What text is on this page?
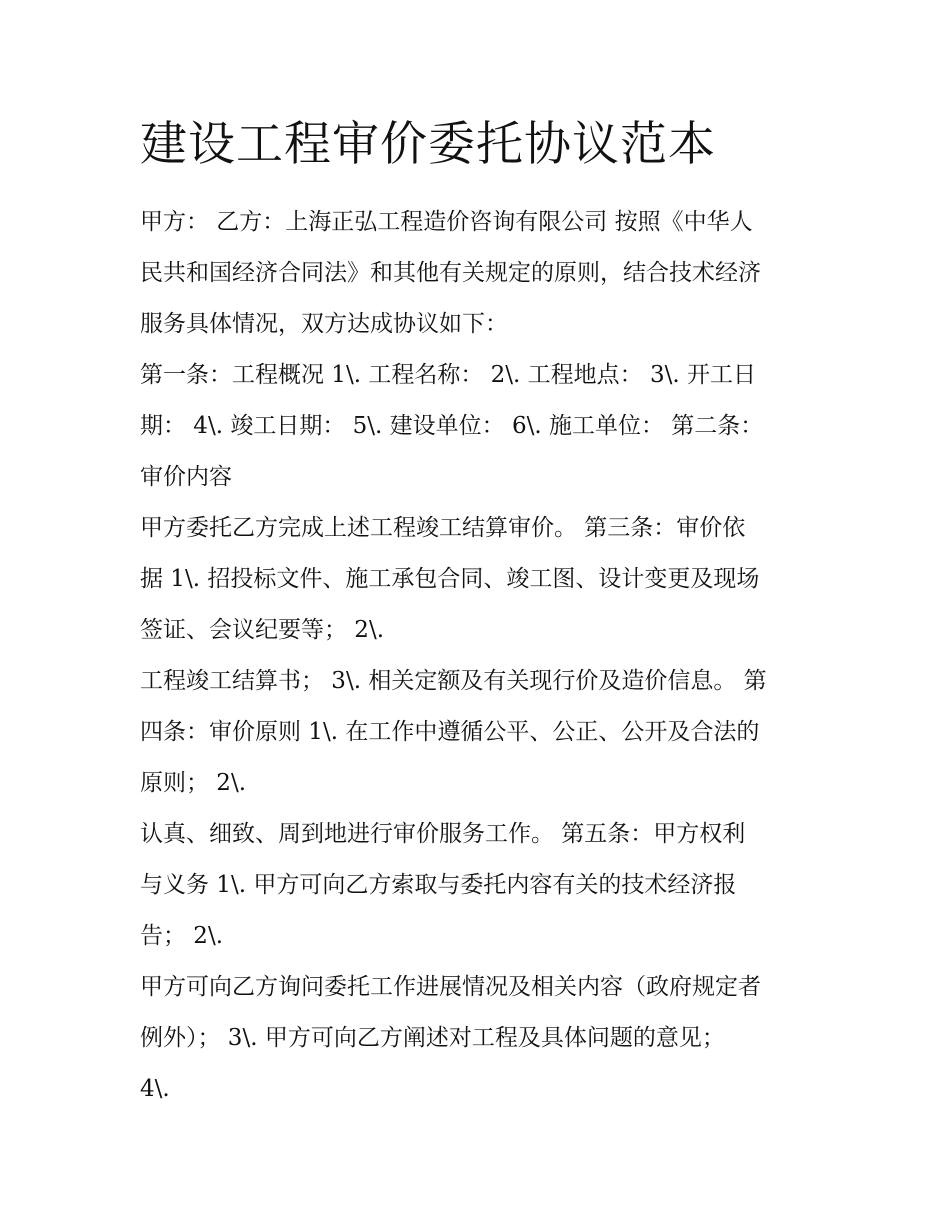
建设工程审价委托协议范本
甲方： 乙方：上海正弘工程造价咨询有限公司 按照《中华人
民共和国经济合同法》和其他有关规定的原则，结合技术经济
服务具体情况，双方达成协议如下：
第一条：工程概况 1\. 工程名称： 2\. 工程地点： 3\. 开工日
期： 4\. 竣工日期： 5\. 建设单位： 6\. 施工单位： 第二条：
审价内容
甲方委托乙方完成上述工程竣工结算审价。 第三条：审价依
据 1\. 招投标文件、施工承包合同、竣工图、设计变更及现场
签证、会议纪要等； 2\.
工程竣工结算书； 3\. 相关定额及有关现行价及造价信息。 第
四条：审价原则 1\. 在工作中遵循公平、公正、公开及合法的
原则； 2\.
认真、细致、周到地进行审价服务工作。 第五条：甲方权利
与义务 1\. 甲方可向乙方索取与委托内容有关的技术经济报
告； 2\.
甲方可向乙方询问委托工作进展情况及相关内容（政府规定者
例外）； 3\. 甲方可向乙方阐述对工程及具体问题的意见；
4\.
